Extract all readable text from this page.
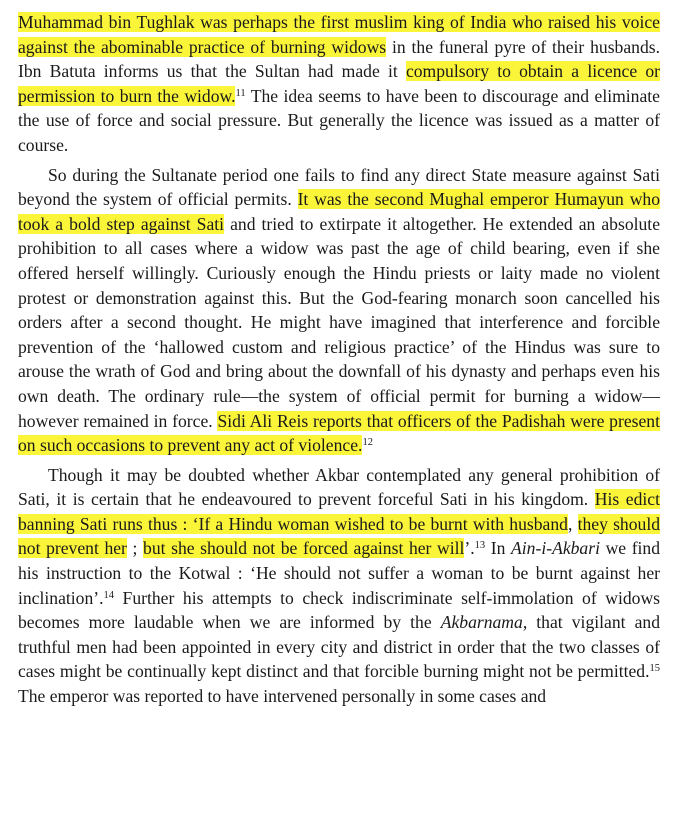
Muhammad bin Tughlak was perhaps the first muslim king of India who raised his voice against the abominable practice of burning widows in the funeral pyre of their husbands. Ibn Batuta informs us that the Sultan had made it compulsory to obtain a licence or permission to burn the widow.$^{11}$ The idea seems to have been to discourage and eliminate the use of force and social pressure. But generally the licence was issued as a matter of course.

So during the Sultanate period one fails to find any direct State measure against Sati beyond the system of official permits. It was the second Mughal emperor Humayun who took a bold step against Sati and tried to extirpate it altogether. He extended an absolute prohibition to all cases where a widow was past the age of child bearing, even if she offered herself willingly. Curiously enough the Hindu priests or laity made no violent protest or demonstration against this. But the God-fearing monarch soon cancelled his orders after a second thought. He might have imagined that interference and forcible prevention of the ‘hallowed custom and religious practice’ of the Hindus was sure to arouse the wrath of God and bring about the downfall of his dynasty and perhaps even his own death. The ordinary rule—the system of official permit for burning a widow—however remained in force. Sidi Ali Reis reports that officers of the Padishah were present on such occasions to prevent any act of violence.$^{12}$

Though it may be doubted whether Akbar contemplated any general prohibition of Sati, it is certain that he endeavoured to prevent forceful Sati in his kingdom. His edict banning Sati runs thus : ‘If a Hindu woman wished to be burnt with husband, they should not prevent her ; but she should not be forced against her will’.$^{13}$ In Ain-i-Akbari we find his instruction to the Kotwal : ‘He should not suffer a woman to be burnt against her inclination’.$^{14}$ Further his attempts to check indiscriminate self-immolation of widows becomes more laudable when we are informed by the Akbarnama, that vigilant and truthful men had been appointed in every city and district in order that the two classes of cases might be continually kept distinct and that forcible burning might not be permitted.$^{15}$ The emperor was reported to have intervened personally in some cases and
